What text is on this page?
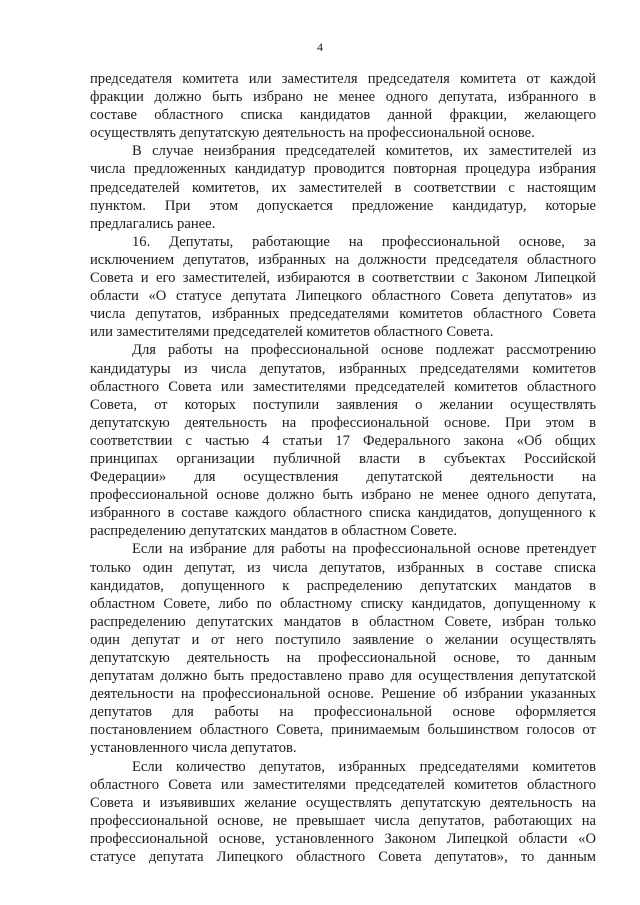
4
председателя комитета или заместителя председателя комитета от каждой
фракции должно быть избрано не менее одного депутата, избранного в
составе областного списка кандидатов данной фракции, желающего
осуществлять депутатскую деятельность на профессиональной основе.
В случае неизбрания председателей комитетов, их заместителей из
числа предложенных кандидатур проводится повторная процедура избрания
председателей комитетов, их заместителей в соответствии с настоящим
пунктом. При этом допускается предложение кандидатур, которые
предлагались ранее.
16. Депутаты, работающие на профессиональной основе, за
исключением депутатов, избранных на должности председателя областного
Совета и его заместителей, избираются в соответствии с Законом Липецкой
области «О статусе депутата Липецкого областного Совета депутатов» из
числа депутатов, избранных председателями комитетов областного Совета
или заместителями председателей комитетов областного Совета.
Для работы на профессиональной основе подлежат рассмотрению
кандидатуры из числа депутатов, избранных председателями комитетов
областного Совета или заместителями председателей комитетов областного
Совета, от которых поступили заявления о желании осуществлять
депутатскую деятельность на профессиональной основе. При этом в
соответствии с частью 4 статьи 17 Федерального закона «Об общих
принципах организации публичной власти в субъектах Российской
Федерации» для осуществления депутатской деятельности на
профессиональной основе должно быть избрано не менее одного депутата,
избранного в составе каждого областного списка кандидатов, допущенного к
распределению депутатских мандатов в областном Совете.
Если на избрание для работы на профессиональной основе претендует
только один депутат, из числа депутатов, избранных в составе списка
кандидатов, допущенного к распределению депутатских мандатов в
областном Совете, либо по областному списку кандидатов, допущенному к
распределению депутатских мандатов в областном Совете, избран только
один депутат и от него поступило заявление о желании осуществлять
депутатскую деятельность на профессиональной основе, то данным
депутатам должно быть предоставлено право для осуществления депутатской
деятельности на профессиональной основе. Решение об избрании указанных
депутатов для работы на профессиональной основе оформляется
постановлением областного Совета, принимаемым большинством голосов от
установленного числа депутатов.
Если количество депутатов, избранных председателями комитетов
областного Совета или заместителями председателей комитетов областного
Совета и изъявивших желание осуществлять депутатскую деятельность на
профессиональной основе, не превышает числа депутатов, работающих на
профессиональной основе, установленного Законом Липецкой области «О
статусе депутата Липецкого областного Совета депутатов», то данным
